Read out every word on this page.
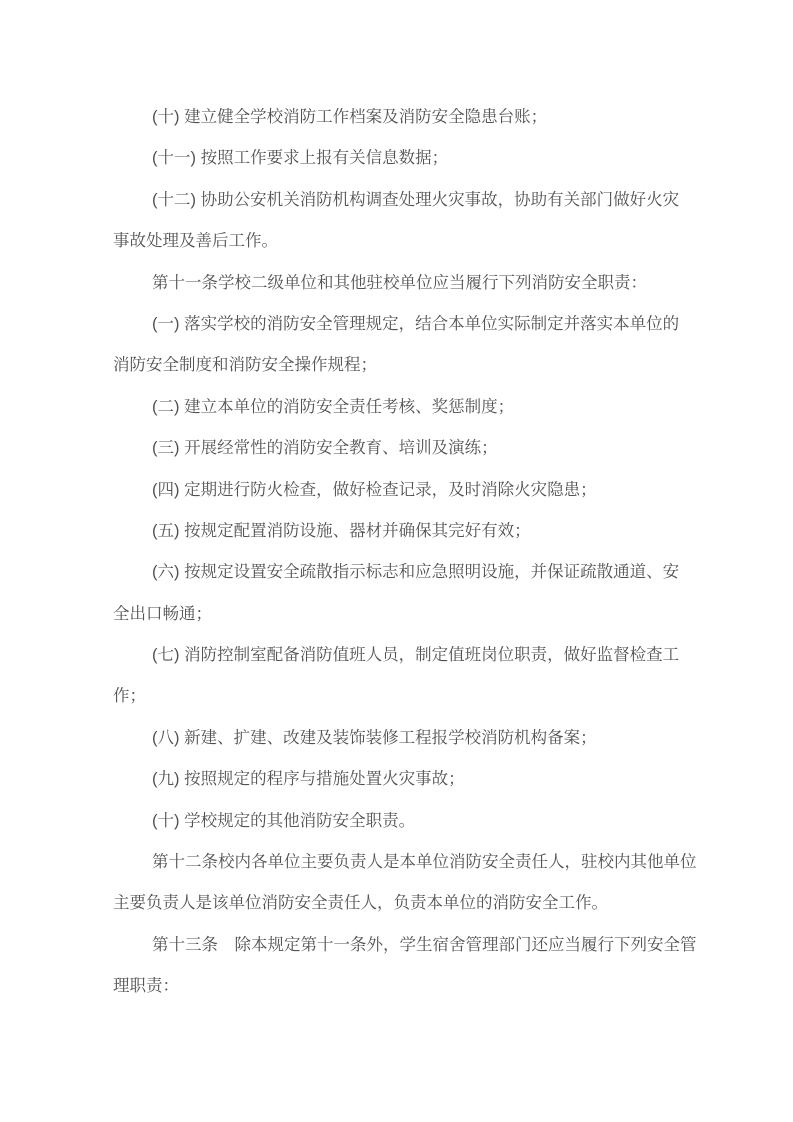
(十) 建立健全学校消防工作档案及消防安全隐患台账；
(十一) 按照工作要求上报有关信息数据；
(十二) 协助公安机关消防机构调查处理火灾事故，协助有关部门做好火灾
事故处理及善后工作。
第十一条学校二级单位和其他驻校单位应当履行下列消防安全职责：
(一) 落实学校的消防安全管理规定，结合本单位实际制定并落实本单位的
消防安全制度和消防安全操作规程；
(二) 建立本单位的消防安全责任考核、奖惩制度；
(三) 开展经常性的消防安全教育、培训及演练；
(四) 定期进行防火检查，做好检查记录，及时消除火灾隐患；
(五) 按规定配置消防设施、器材并确保其完好有效；
(六) 按规定设置安全疏散指示标志和应急照明设施，并保证疏散通道、安
全出口畅通；
(七) 消防控制室配备消防值班人员，制定值班岗位职责，做好监督检查工
作；
(八) 新建、扩建、改建及装饰装修工程报学校消防机构备案；
(九) 按照规定的程序与措施处置火灾事故；
(十) 学校规定的其他消防安全职责。
第十二条校内各单位主要负责人是本单位消防安全责任人，驻校内其他单位
主要负责人是该单位消防安全责任人，负责本单位的消防安全工作。
第十三条　除本规定第十一条外，学生宿舍管理部门还应当履行下列安全管
理职责：
